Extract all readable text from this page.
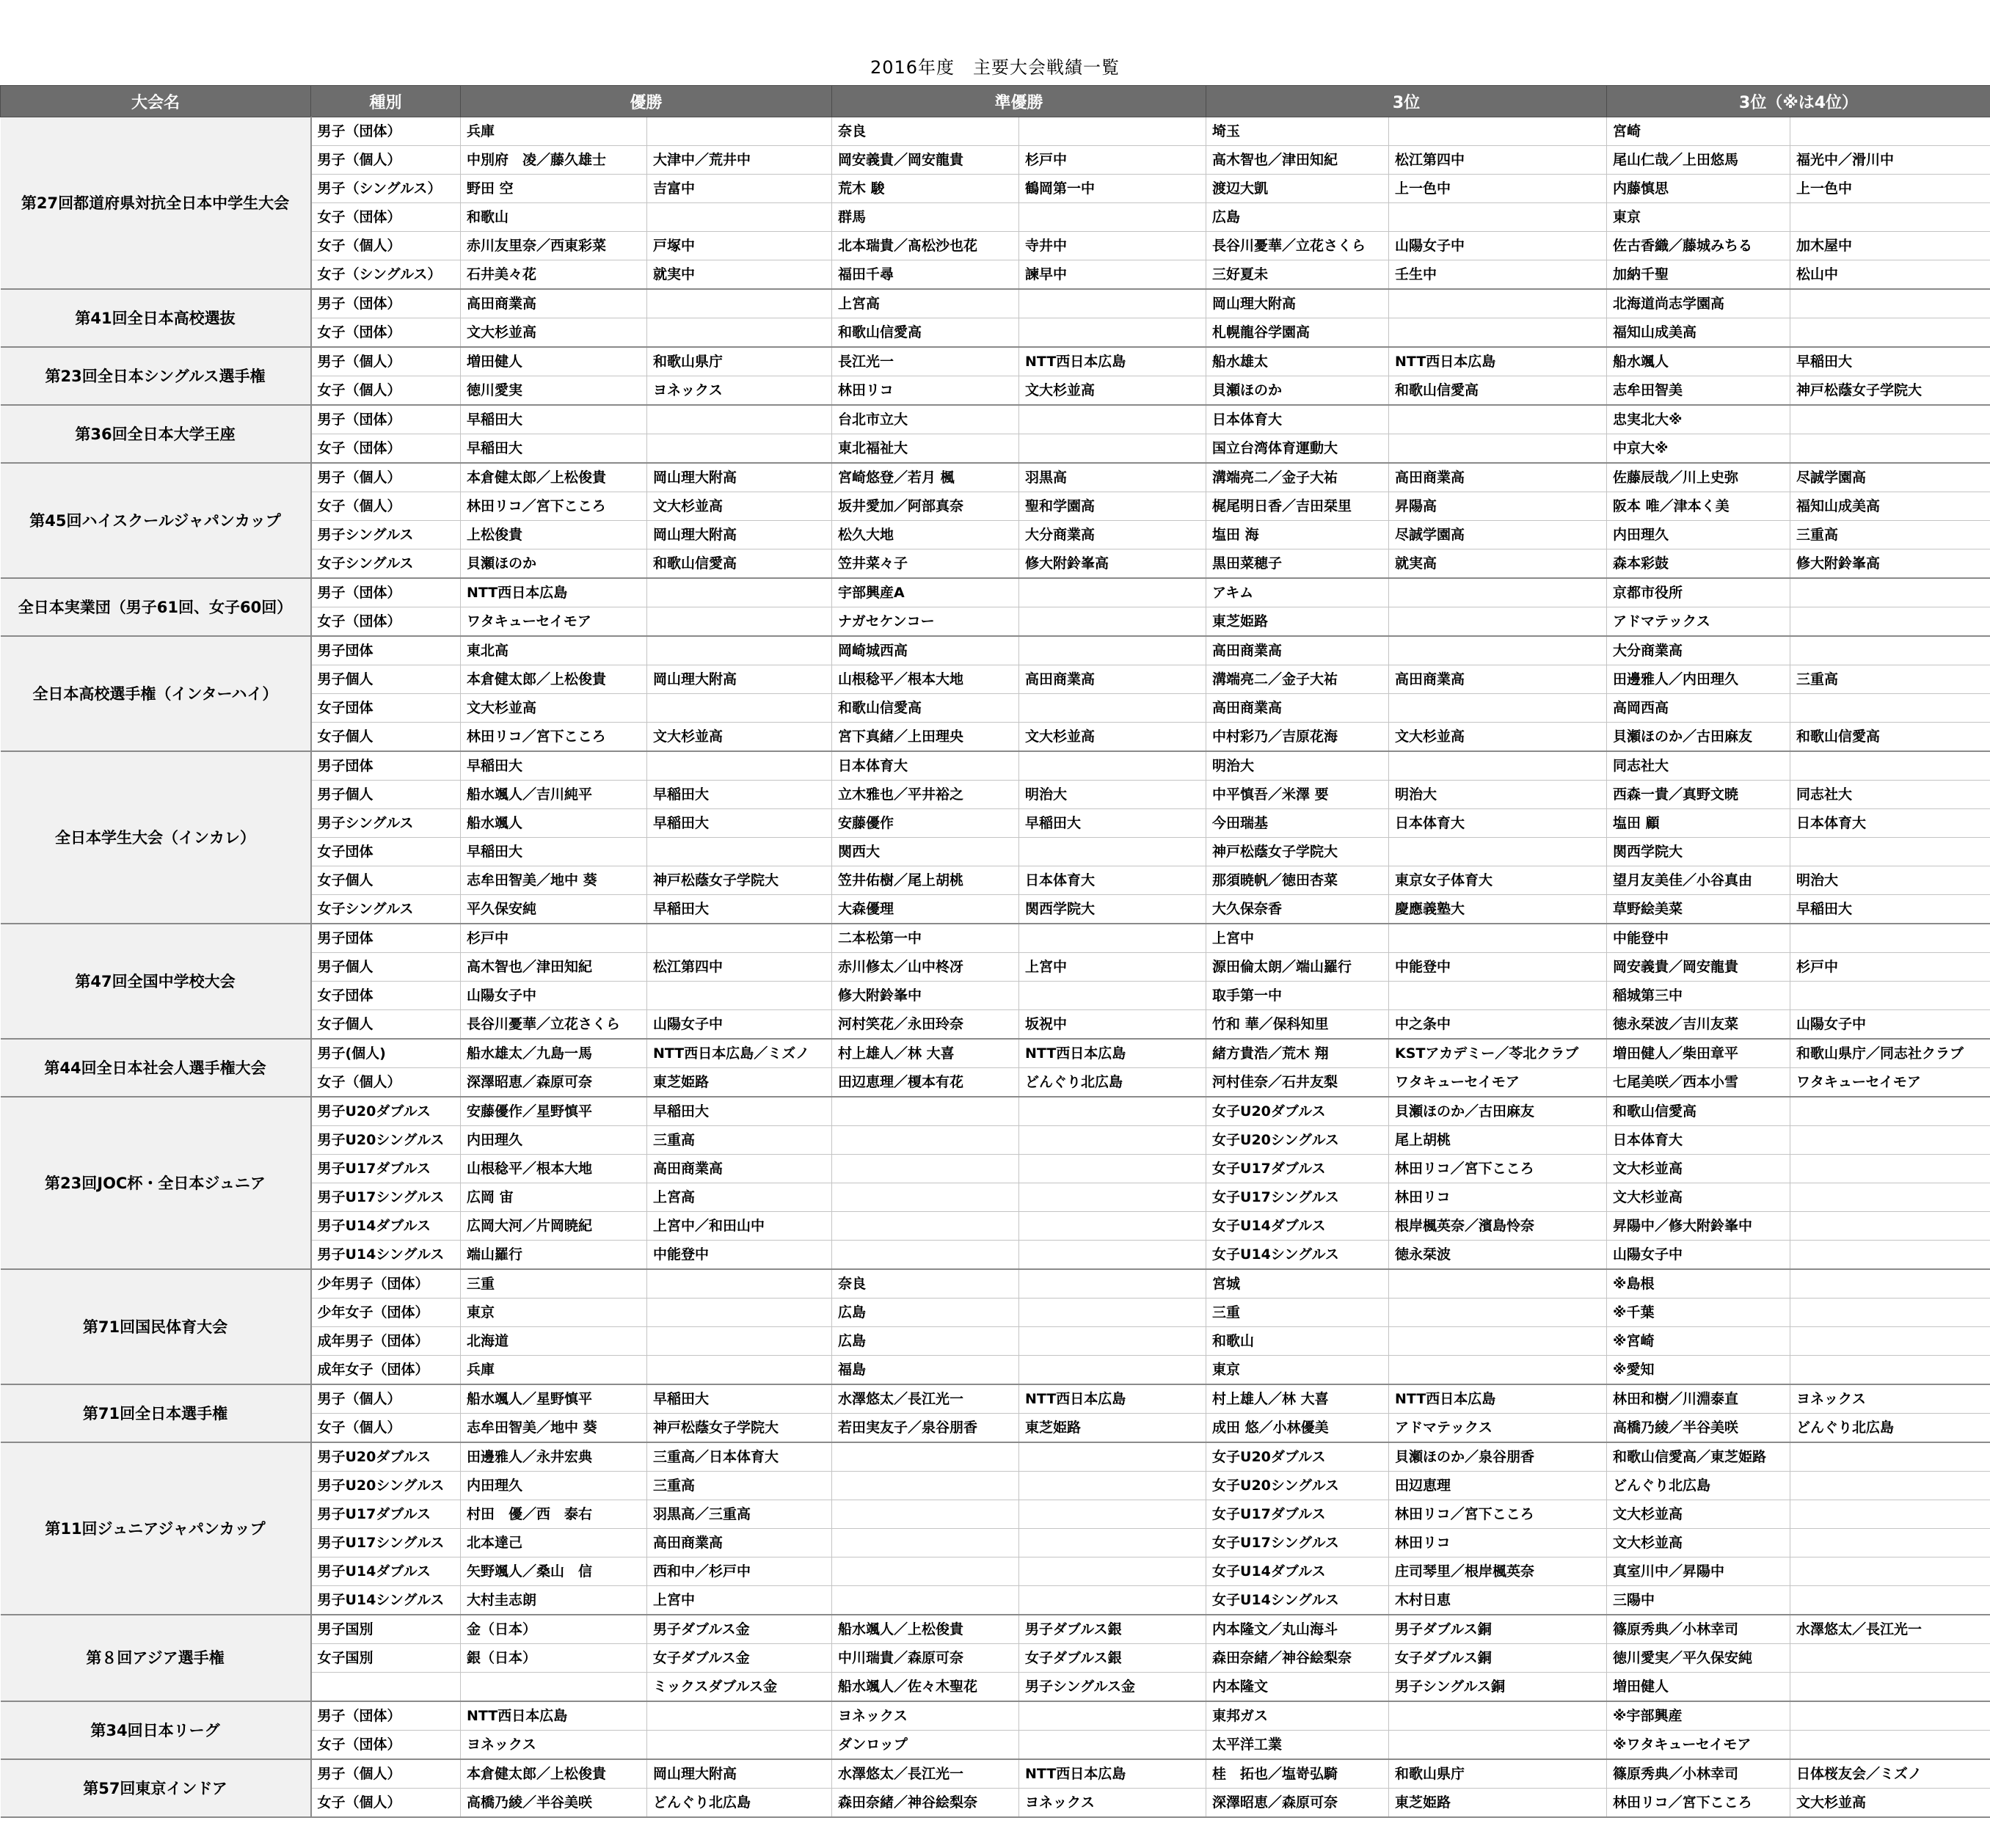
2016年度　主要大会戦績一覧
大会名	種別	優勝		準優勝		3位		3位（※は4位）	
第27回都道府県対抗全日本中学生大会	男子（団体）	兵庫		奈良		埼玉		宮崎	
	男子（個人）	中別府　凌／藤久雄士	大津中／荒井中	岡安義貴／岡安龍貴	杉戸中	高木智也／津田知紀	松江第四中	尾山仁哉／上田悠馬	福光中／滑川中
	男子（シングルス）	野田 空	吉富中	荒木 駿	鶴岡第一中	渡辺大凱	上一色中	内藤慎思	上一色中
	女子（団体）	和歌山		群馬		広島		東京	
	女子（個人）	赤川友里奈／西東彩菜	戸塚中	北本瑞貴／髙松沙也花	寺井中	長谷川憂華／立花さくら	山陽女子中	佐古香織／藤城みちる	加木屋中
	女子（シングルス）	石井美々花	就実中	福田千尋	諫早中	三好夏未	壬生中	加納千聖	松山中
第41回全日本高校選抜	男子（団体）	高田商業高		上宮高		岡山理大附高		北海道尚志学園高	
	女子（団体）	文大杉並高		和歌山信愛高		札幌龍谷学園高		福知山成美高	
第23回全日本シングルス選手権	男子（個人）	増田健人	和歌山県庁	長江光一	NTT西日本広島	船水雄太	NTT西日本広島	船水颯人	早稲田大
	女子（個人）	徳川愛実	ヨネックス	林田リコ	文大杉並高	貝瀬ほのか	和歌山信愛高	志牟田智美	神戸松蔭女子学院大
第36回全日本大学王座	男子（団体）	早稲田大		台北市立大		日本体育大		忠実北大※	
	女子（団体）	早稲田大		東北福祉大		国立台湾体育運動大		中京大※	
第45回ハイスクールジャパンカップ	男子（個人）	本倉健太郎／上松俊貴	岡山理大附高	宮崎悠登／若月 楓	羽黒高	溝端亮二／金子大祐	高田商業高	佐藤辰哉／川上史弥	尽誠学園高
	女子（個人）	林田リコ／宮下こころ	文大杉並高	坂井愛加／阿部真奈	聖和学園高	梶尾明日香／吉田栞里	昇陽高	阪本 唯／津本く美	福知山成美高
	男子シングルス	上松俊貴	岡山理大附高	松久大地	大分商業高	塩田 海	尽誠学園高	内田理久	三重高
	女子シングルス	貝瀬ほのか	和歌山信愛高	笠井菜々子	修大附鈴峯高	黒田菜穂子	就実高	森本彩鼓	修大附鈴峯高
全日本実業団（男子61回、女子60回）	男子（団体）	NTT西日本広島		宇部興産A		アキム		京都市役所	
	女子（団体）	ワタキューセイモア		ナガセケンコー		東芝姫路		アドマテックス	
全日本高校選手権（インターハイ）	男子団体	東北高		岡崎城西高		高田商業高		大分商業高	
	男子個人	本倉健太郎／上松俊貴	岡山理大附高	山根稔平／根本大地	高田商業高	溝端亮二／金子大祐	高田商業高	田邊雅人／内田理久	三重高
	女子団体	文大杉並高		和歌山信愛高		高田商業高		高岡西高	
	女子個人	林田リコ／宮下こころ	文大杉並高	宮下真緒／上田理央	文大杉並高	中村彩乃／吉原花海	文大杉並高	貝瀬ほのか／古田麻友	和歌山信愛高
全日本学生大会（インカレ）	男子団体	早稲田大		日本体育大		明治大		同志社大	
	男子個人	船水颯人／吉川純平	早稲田大	立木雅也／平井裕之	明治大	中平慎吾／米澤 要	明治大	西森一貴／真野文暁	同志社大
	男子シングルス	船水颯人	早稲田大	安藤優作	早稲田大	今田瑞基	日本体育大	塩田 顧	日本体育大
	女子団体	早稲田大		関西大		神戸松蔭女子学院大		関西学院大	
	女子個人	志牟田智美／地中 葵	神戸松蔭女子学院大	笠井佑樹／尾上胡桃	日本体育大	那須暁帆／徳田杏菜	東京女子体育大	望月友美佳／小谷真由	明治大
	女子シングルス	平久保安純	早稲田大	大森優理	関西学院大	大久保奈香	慶應義塾大	草野絵美菜	早稲田大
第47回全国中学校大会	男子団体	杉戸中		二本松第一中		上宮中		中能登中	
	男子個人	高木智也／津田知紀	松江第四中	赤川修太／山中柊冴	上宮中	源田倫太朗／端山羅行	中能登中	岡安義貴／岡安龍貴	杉戸中
	女子団体	山陽女子中		修大附鈴峯中		取手第一中		稲城第三中	
	女子個人	長谷川憂華／立花さくら	山陽女子中	河村笑花／永田玲奈	坂祝中	竹和 華／保科知里	中之条中	徳永栞波／吉川友菜	山陽女子中
第44回全日本社会人選手権大会	男子(個人)	船水雄太／九島一馬	NTT西日本広島／ミズノ	村上雄人／林 大喜	NTT西日本広島	緒方貴浩／荒木 翔	KSTアカデミー／苓北クラブ	増田健人／柴田章平	和歌山県庁／同志社クラブ
	女子（個人）	深澤昭恵／森原可奈	東芝姫路	田辺恵理／榎本有花	どんぐり北広島	河村佳奈／石井友梨	ワタキューセイモア	七尾美咲／西本小雪	ワタキューセイモア
第23回JOC杯・全日本ジュニア	男子U20ダブルス	安藤優作／星野慎平	早稲田大			女子U20ダブルス	貝瀬ほのか／古田麻友	和歌山信愛高	
	男子U20シングルス	内田理久	三重高			女子U20シングルス	尾上胡桃	日本体育大	
	男子U17ダブルス	山根稔平／根本大地	高田商業高			女子U17ダブルス	林田リコ／宮下こころ	文大杉並高	
	男子U17シングルス	広岡 宙	上宮高			女子U17シングルス	林田リコ	文大杉並高	
	男子U14ダブルス	広岡大河／片岡暁紀	上宮中／和田山中			女子U14ダブルス	根岸楓英奈／濱島怜奈	昇陽中／修大附鈴峯中	
	男子U14シングルス	端山羅行	中能登中			女子U14シングルス	徳永栞波	山陽女子中	
第71回国民体育大会	少年男子（団体）	三重		奈良		宮城		※島根	
	少年女子（団体）	東京		広島		三重		※千葉	
	成年男子（団体）	北海道		広島		和歌山		※宮崎	
	成年女子（団体）	兵庫		福島		東京		※愛知	
第71回全日本選手権	男子（個人）	船水颯人／星野慎平	早稲田大	水澤悠太／長江光一	NTT西日本広島	村上雄人／林 大喜	NTT西日本広島	林田和樹／川淵泰直	ヨネックス
	女子（個人）	志牟田智美／地中 葵	神戸松蔭女子学院大	若田実友子／泉谷朋香	東芝姫路	成田 悠／小林優美	アドマテックス	高橋乃綾／半谷美咲	どんぐり北広島
第11回ジュニアジャパンカップ	男子U20ダブルス	田邊雅人／永井宏典	三重高／日本体育大			女子U20ダブルス	貝瀬ほのか／泉谷朋香	和歌山信愛高／東芝姫路	
	男子U20シングルス	内田理久	三重高			女子U20シングルス	田辺恵理	どんぐり北広島	
	男子U17ダブルス	村田　優／西　泰右	羽黒高／三重高			女子U17ダブルス	林田リコ／宮下こころ	文大杉並高	
	男子U17シングルス	北本達己	高田商業高			女子U17シングルス	林田リコ	文大杉並高	
	男子U14ダブルス	矢野颯人／桑山　信	西和中／杉戸中			女子U14ダブルス	庄司琴里／根岸楓英奈	真室川中／昇陽中	
	男子U14シングルス	大村圭志朗	上宮中			女子U14シングルス	木村日恵	三陽中	
第８回アジア選手権	男子国別	金（日本）	男子ダブルス金	船水颯人／上松俊貴	男子ダブルス銀	内本隆文／丸山海斗	男子ダブルス銅	篠原秀典／小林幸司	水澤悠太／長江光一
	女子国別	銀（日本）	女子ダブルス金	中川瑞貴／森原可奈	女子ダブルス銀	森田奈緒／神谷絵梨奈	女子ダブルス銅	徳川愛実／平久保安純	
			ミックスダブルス金	船水颯人／佐々木聖花	男子シングルス金	内本隆文	男子シングルス銅	増田健人	
第34回日本リーグ	男子（団体）	NTT西日本広島		ヨネックス		東邦ガス		※宇部興産	
	女子（団体）	ヨネックス		ダンロップ		太平洋工業		※ワタキューセイモア	
第57回東京インドア	男子（個人）	本倉健太郎／上松俊貴	岡山理大附高	水澤悠太／長江光一	NTT西日本広島	桂　拓也／塩嵜弘騎	和歌山県庁	篠原秀典／小林幸司	日体桜友会／ミズノ
	女子（個人）	高橋乃綾／半谷美咲	どんぐり北広島	森田奈緒／神谷絵梨奈	ヨネックス	深澤昭恵／森原可奈	東芝姫路	林田リコ／宮下こころ	文大杉並高
